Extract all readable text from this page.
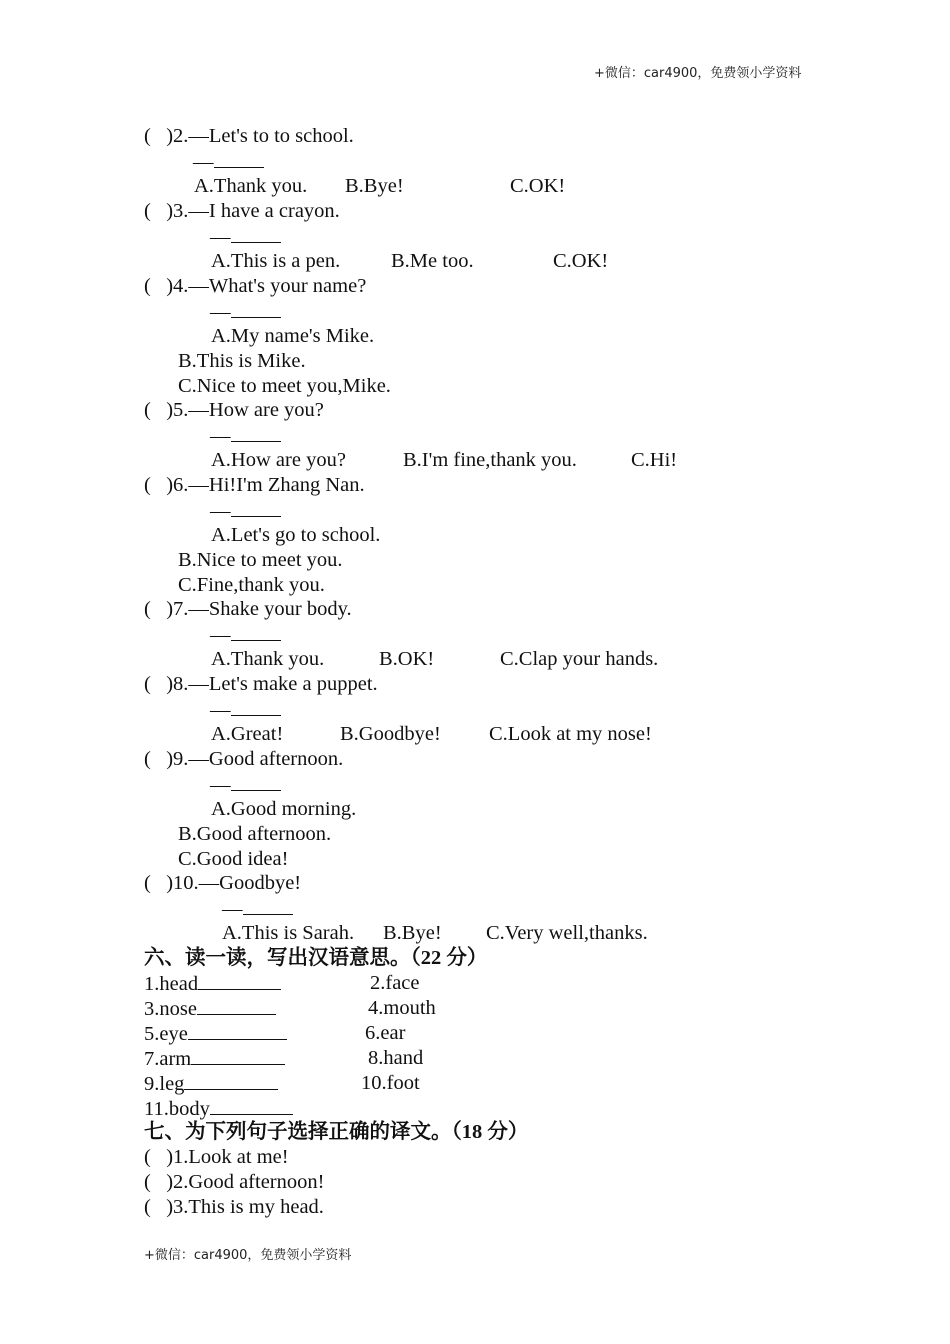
+微信：car4900，免费领小学资料
(   )2.—Let's to to school.
—
A.Thank you. B.Bye!	C.OK!
(   )3.—I have a crayon.
—
A.This is a pen. B.Me too.	C.OK!
(   )4.—What's your name?
—
A.My name's Mike.
B.This is Mike.
C.Nice to meet you,Mike.
(   )5.—How are you?
—
A.How are you?	B.I'm fine,thank you.	C.Hi!
(   )6.—Hi!I'm Zhang Nan.
—
A.Let's go to school.
B.Nice to meet you.
C.Fine,thank you.
(   )7.—Shake your body.
—
A.Thank you.	B.OK!	C.Clap your hands.
(   )8.—Let's make a puppet.
—
A.Great!	B.Goodbye! C.Look at my nose!
(   )9.—Good afternoon.
—
A.Good morning.
B.Good afternoon.
C.Good idea!
(   )10.—Goodbye!
—
A.This is Sarah. B.Bye! C.Very well,thanks.
六、读一读，写出汉语意思。（22 分）
1.head	2.face
3.nose	4.mouth
5.eye	6.ear
7.arm	8.hand
9.leg	10.foot
11.body
七、为下列句子选择正确的译文。（18 分）
(   )1.Look at me!
(   )2.Good afternoon!
(   )3.This is my head.
+微信：car4900，免费领小学资料
